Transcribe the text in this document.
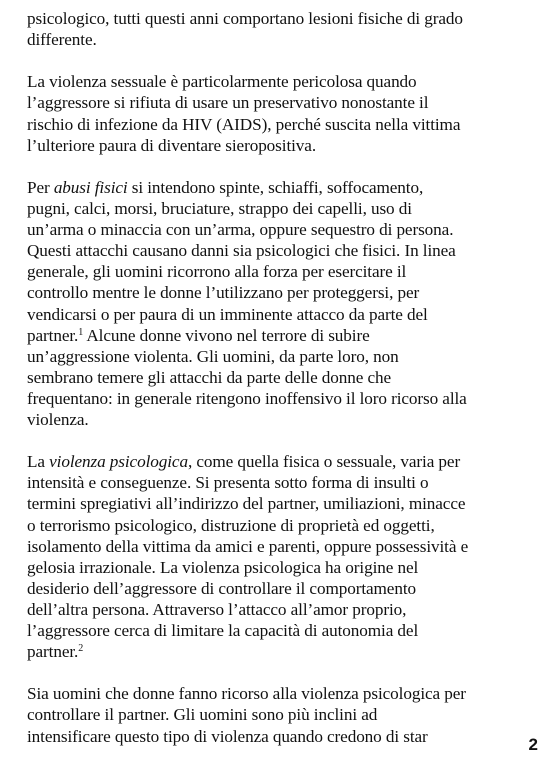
psicologico, tutti questi anni comportano lesioni fisiche di grado
differente.

La violenza sessuale è particolarmente pericolosa quando
l’aggressore si rifiuta di usare un preservativo nonostante il
rischio di infezione da HIV (AIDS), perché suscita nella vittima
l’ulteriore paura di diventare sieropositiva.

Per abusi fisici si intendono spinte, schiaffi, soffocamento,
pugni, calci, morsi, bruciature, strappo dei capelli, uso di
un’arma o minaccia con un’arma, oppure sequestro di persona.
Questi attacchi causano danni sia psicologici che fisici. In linea
generale, gli uomini ricorrono alla forza per esercitare il
controllo mentre le donne l’utilizzano per proteggersi, per
vendicarsi o per paura di un imminente attacco da parte del
partner.$^1$ Alcune donne vivono nel terrore di subire
un’aggressione violenta. Gli uomini, da parte loro, non
sembrano temere gli attacchi da parte delle donne che
frequentano: in generale ritengono inoffensivo il loro ricorso alla
violenza.

La violenza psicologica, come quella fisica o sessuale, varia per
intensità e conseguenze. Si presenta sotto forma di insulti o
termini spregiativi all’indirizzo del partner, umiliazioni, minacce
o terrorismo psicologico, distruzione di proprietà ed oggetti,
isolamento della vittima da amici e parenti, oppure possessività e
gelosia irrazionale. La violenza psicologica ha origine nel
desiderio dell’aggressore di controllare il comportamento
dell’altra persona. Attraverso l’attacco all’amor proprio,
l’aggressore cerca di limitare la capacità di autonomia del
partner.$^2$

Sia uomini che donne fanno ricorso alla violenza psicologica per
controllare il partner. Gli uomini sono più inclini ad
intensificare questo tipo di violenza quando credono di star	2
